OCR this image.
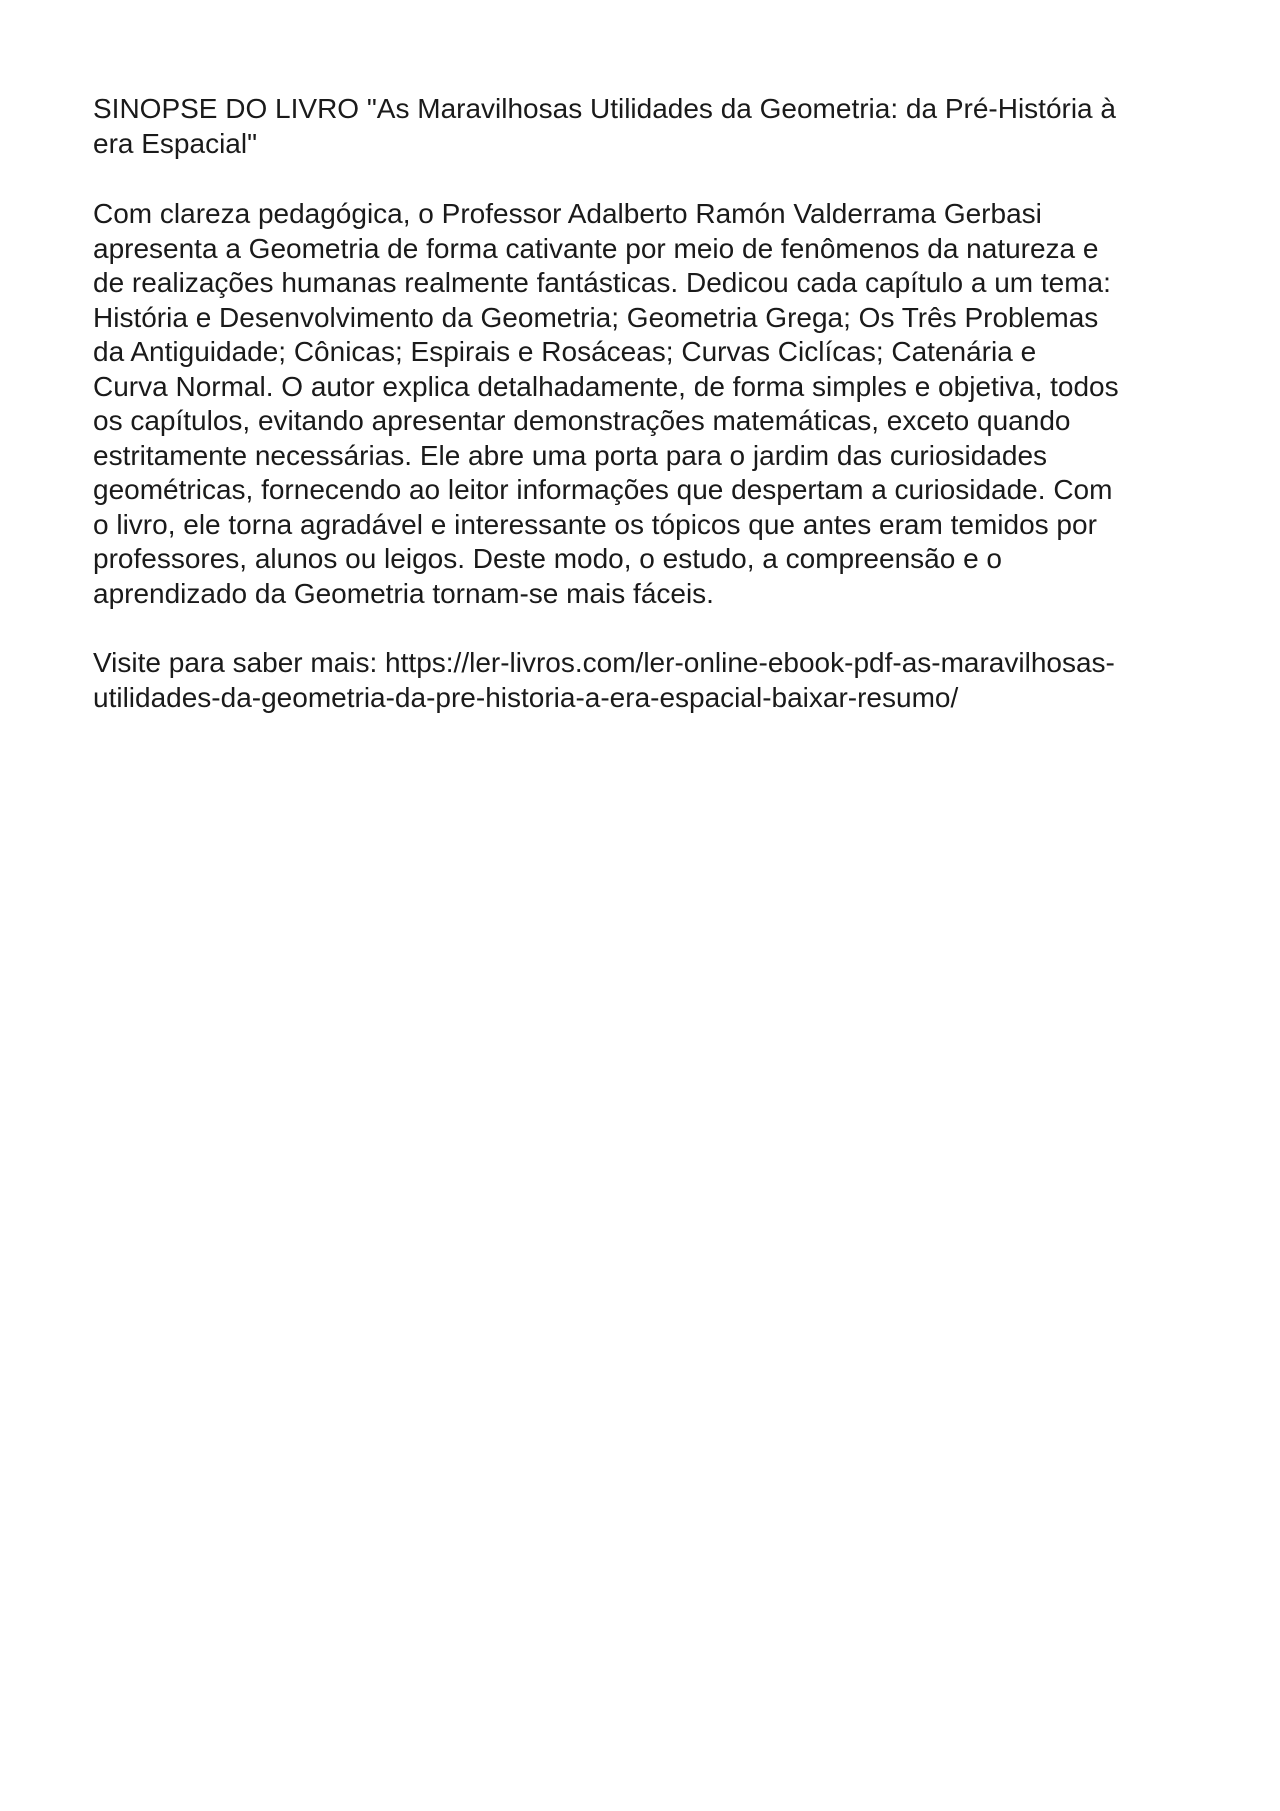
SINOPSE DO LIVRO "As Maravilhosas Utilidades da Geometria: da Pré-História à
era Espacial"
Com clareza pedagógica, o Professor Adalberto Ramón Valderrama Gerbasi
apresenta a Geometria de forma cativante por meio de fenômenos da natureza e
de realizações humanas realmente fantásticas. Dedicou cada capítulo a um tema:
História e Desenvolvimento da Geometria; Geometria Grega; Os Três Problemas
da Antiguidade; Cônicas; Espirais e Rosáceas; Curvas Ciclícas; Catenária e
Curva Normal. O autor explica detalhadamente, de forma simples e objetiva, todos
os capítulos, evitando apresentar demonstrações matemáticas, exceto quando
estritamente necessárias. Ele abre uma porta para o jardim das curiosidades
geométricas, fornecendo ao leitor informações que despertam a curiosidade. Com
o livro, ele torna agradável e interessante os tópicos que antes eram temidos por
professores, alunos ou leigos. Deste modo, o estudo, a compreensão e o
aprendizado da Geometria tornam-se mais fáceis.
Visite para saber mais: https://ler-livros.com/ler-online-ebook-pdf-as-maravilhosas-
utilidades-da-geometria-da-pre-historia-a-era-espacial-baixar-resumo/
